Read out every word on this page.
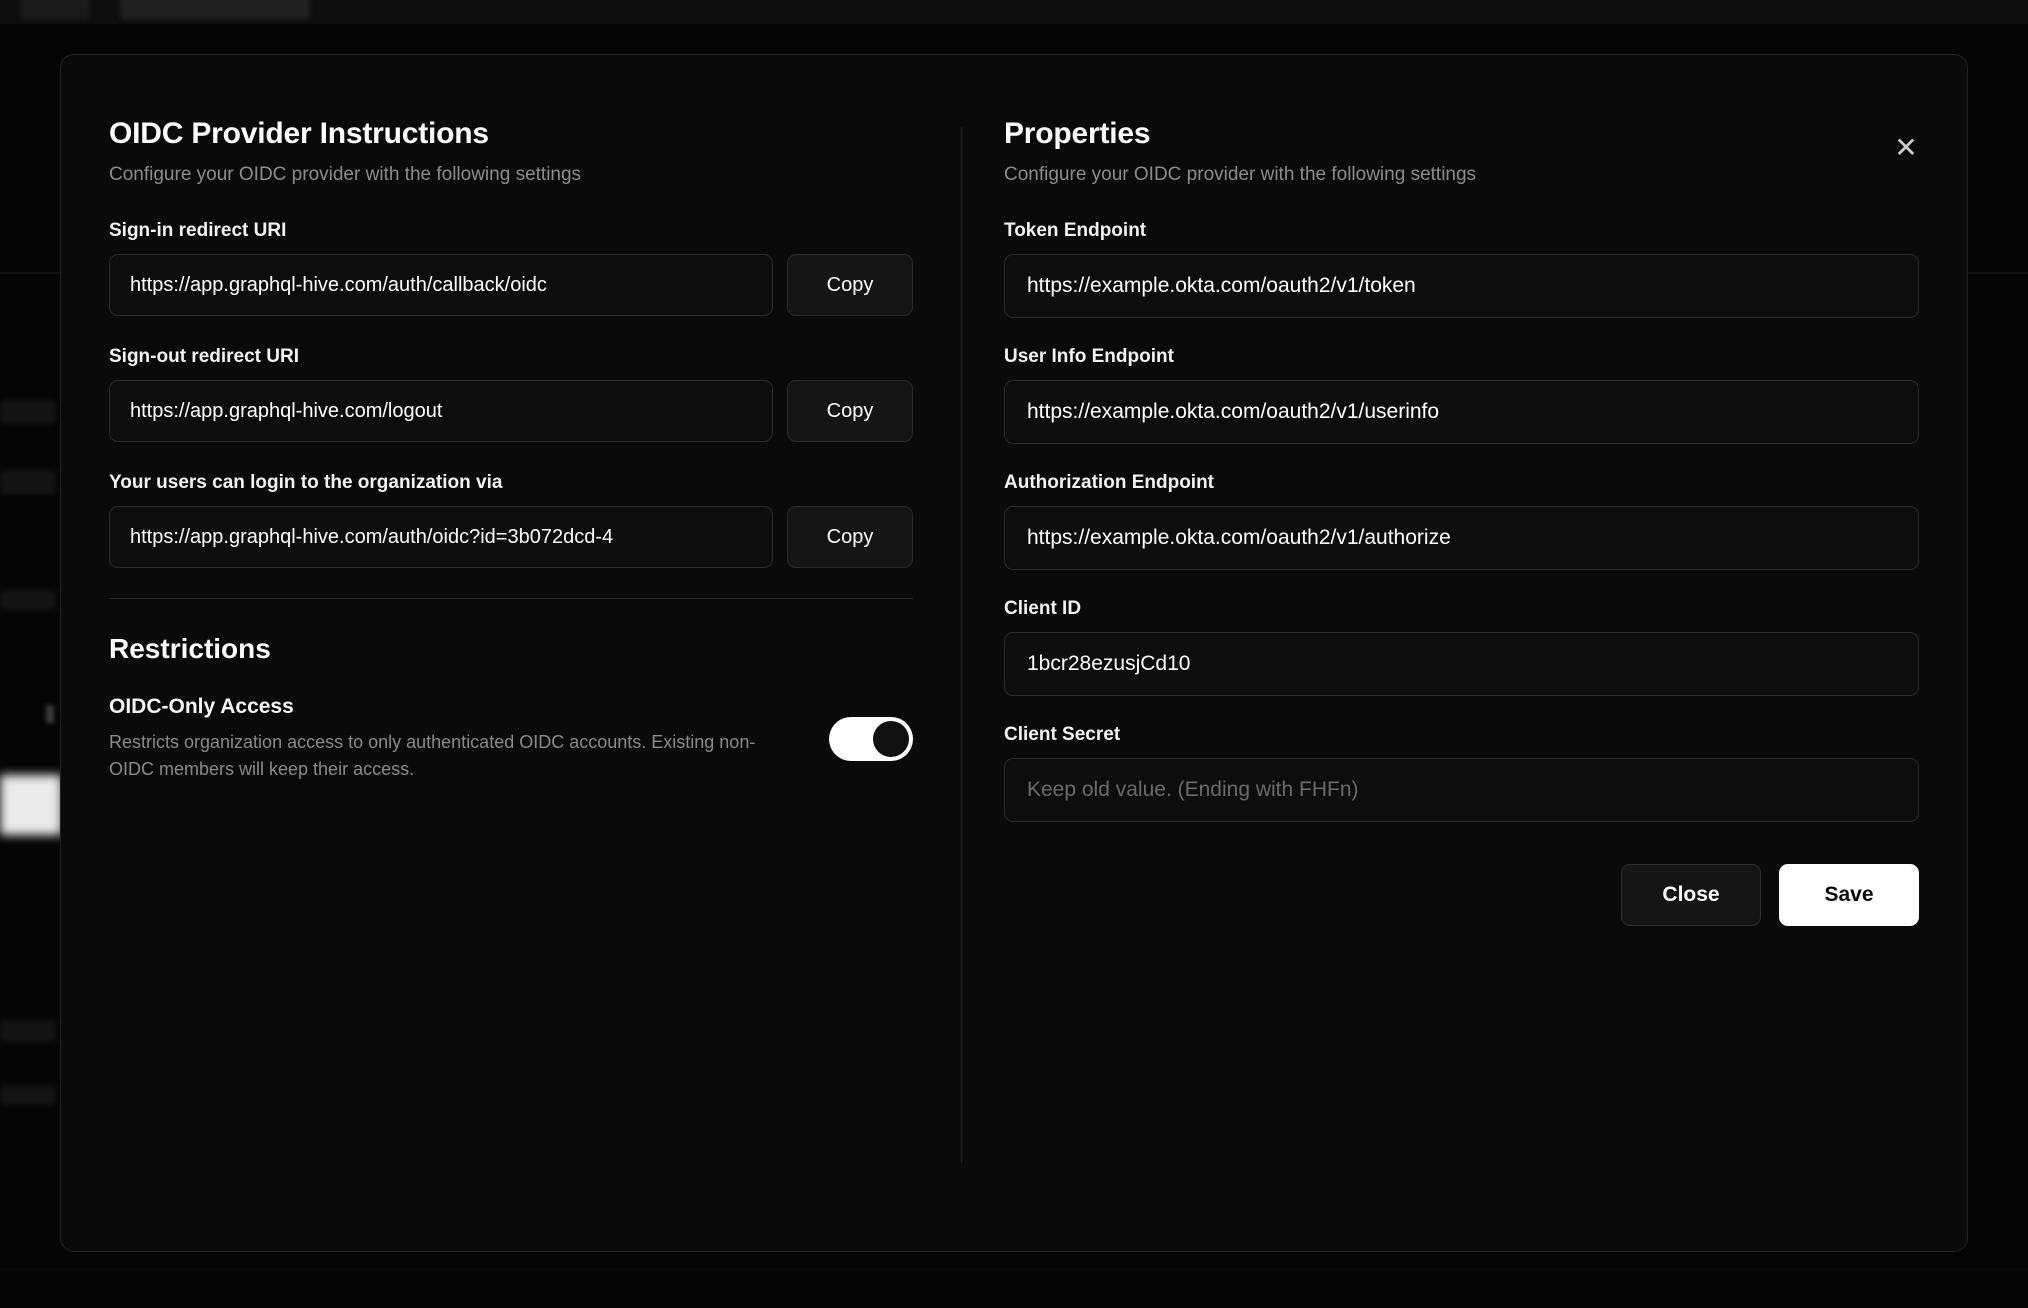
✕
OIDC Provider Instructions

Configure your OIDC provider with the following settings

Sign-in redirect URI
https://app.graphql-hive.com/auth/callback/oidc
Copy
Sign-out redirect URI
https://app.graphql-hive.com/logout
Copy
Your users can login to the organization via
https://app.graphql-hive.com/auth/oidc?id=3b072dcd-4
Copy
Restrictions
OIDC-Only Access
Restricts organization access to only authenticated OIDC accounts. Existing non-OIDC members will keep their access.
Properties

Configure your OIDC provider with the following settings

Token Endpoint
https://example.okta.com/oauth2/v1/token
User Info Endpoint
https://example.okta.com/oauth2/v1/userinfo
Authorization Endpoint
https://example.okta.com/oauth2/v1/authorize
Client ID
1bcr28ezusjCd10
Client Secret
Keep old value. (Ending with FHFn)
Close	Save
